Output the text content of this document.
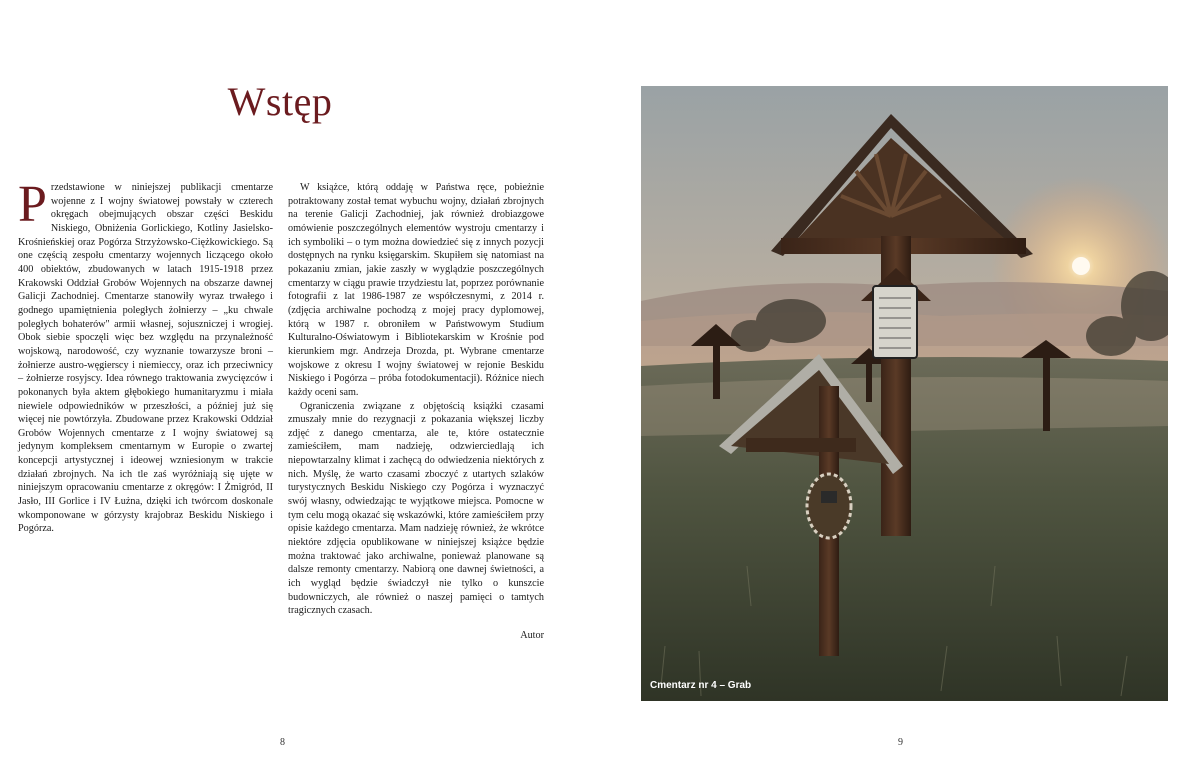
Wstęp

Przedstawione w niniejszej publikacji cmentarze wojenne z I wojny światowej powstały w czterech okręgach obejmujących obszar części Beskidu Niskiego, Obniżenia Gorlickiego, Kotliny Jasielsko-Krośnieńskiej oraz Pogórza Strzyżowsko-Ciężkowickiego. Są one częścią zespołu cmentarzy wojennych liczącego około 400 obiektów, zbudowanych w latach 1915-1918 przez Krakowski Oddział Grobów Wojennych na obszarze dawnej Galicji Zachodniej. Cmentarze stanowiły wyraz trwałego i godnego upamiętnienia poległych żołnierzy – „ku chwale poległych bohaterów" armii własnej, sojuszniczej i wrogiej. Obok siebie spoczęli więc bez względu na przynależność wojskową, narodowość, czy wyznanie towarzysze broni – żołnierze austro-węgierscy i niemieccy, oraz ich przeciwnicy – żołnierze rosyjscy. Idea równego traktowania zwycięzców i pokonanych była aktem głębokiego humanitaryzmu i miała niewiele odpowiedników w przeszłości, a później już się więcej nie powtórzyła. Zbudowane przez Krakowski Oddział Grobów Wojennych cmentarze z I wojny światowej są jedynym kompleksem cmentarnym w Europie o zwartej koncepcji artystycznej i ideowej wzniesionym w trakcie działań zbrojnych. Na ich tle zaś wyróżniają się ujęte w niniejszym opracowaniu cmentarze z okręgów: I Żmigród, II Jasło, III Gorlice i IV Łużna, dzięki ich twórcom doskonale wkomponowane w górzysty krajobraz Beskidu Niskiego i Pogórza.

W książce, którą oddaję w Państwa ręce, pobieżnie potraktowany został temat wybuchu wojny, działań zbrojnych na terenie Galicji Zachodniej, jak również drobiazgowe omówienie poszczególnych elementów wystroju cmentarzy i ich symboliki – o tym można dowiedzieć się z innych pozycji dostępnych na rynku księgarskim. Skupiłem się natomiast na pokazaniu zmian, jakie zaszły w wyglądzie poszczególnych cmentarzy w ciągu prawie trzydziestu lat, poprzez porównanie fotografii z lat 1986-1987 ze współczesnymi, z 2014 r. (zdjęcia archiwalne pochodzą z mojej pracy dyplomowej, którą w 1987 r. obroniłem w Państwowym Studium Kulturalno-Oświatowym i Bibliotekarskim w Krośnie pod kierunkiem mgr. Andrzeja Drozda, pt. Wybrane cmentarze wojskowe z okresu I wojny światowej w rejonie Beskidu Niskiego i Pogórza – próba fotodokumentacji). Różnice niech każdy oceni sam.

Ograniczenia związane z objętością książki czasami zmuszały mnie do rezygnacji z pokazania większej liczby zdjęć z danego cmentarza, ale te, które ostatecznie zamieściłem, mam nadzieję, odzwierciedlają ich niepowtarzalny klimat i zachęcą do odwiedzenia niektórych z nich. Myślę, że warto czasami zboczyć z utartych szlaków turystycznych Beskidu Niskiego czy Pogórza i wyznaczyć swój własny, odwiedzając te wyjątkowe miejsca. Pomocne w tym celu mogą okazać się wskazówki, które zamieściłem przy opisie każdego cmentarza. Mam nadzieję również, że wkrótce niektóre zdjęcia opublikowane w niniejszej książce będzie można traktować jako archiwalne, ponieważ planowane są dalsze remonty cmentarzy. Nabiorą one dawnej świetności, a ich wygląd będzie świadczył nie tylko o kunszcie budowniczych, ale również o naszej pamięci o tamtych tragicznych czasach.

Autor

8
Cmentarz nr 4 – Grab
9
